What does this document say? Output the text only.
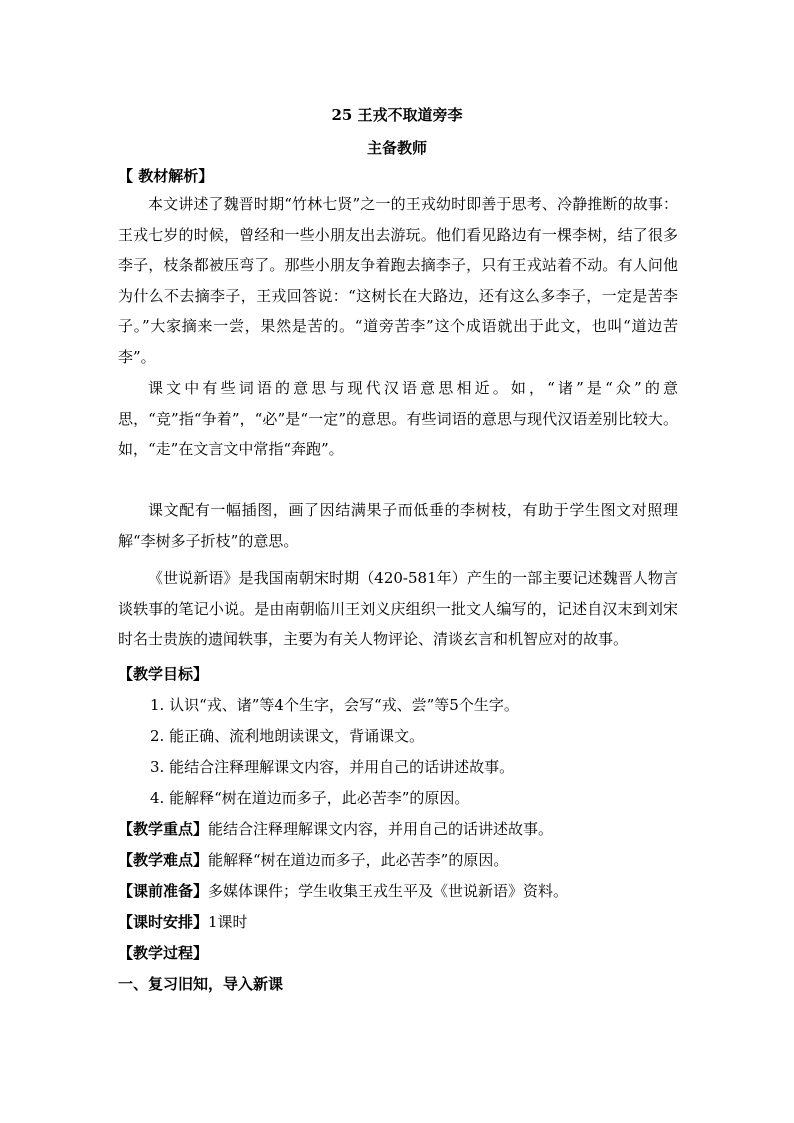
25 王戎不取道旁李
主备教师
【 教材解析】
本文讲述了魏晋时期“竹林七贤”之一的王戎幼时即善于思考、冷静推断的故事：王戎七岁的时候，曾经和一些小朋友出去游玩。他们看见路边有一棵李树，结了很多李子，枝条都被压弯了。那些小朋友争着跑去摘李子，只有王戎站着不动。有人问他为什么不去摘李子，王戎回答说：“这树长在大路边，还有这么多李子，一定是苦李子。”大家摘来一尝，果然是苦的。“道旁苦李”这个成语就出于此文，也叫“道边苦李”。
课文中有些词语的意思与现代汉语意思相近。如，“诸”是“众”的意思，“竞”指“争着”，“必”是“一定”的意思。有些词语的意思与现代汉语差别比较大。如，“走”在文言文中常指“奔跑”。
课文配有一幅插图，画了因结满果子而低垂的李树枝，有助于学生图文对照理解“李树多子折枝”的意思。
《世说新语》是我国南朝宋时期（420-581年）产生的一部主要记述魏晋人物言谈轶事的笔记小说。是由南朝临川王刘义庆组织一批文人编写的，记述自汉末到刘宋时名士贵族的遗闻轶事，主要为有关人物评论、清谈玄言和机智应对的故事。
【教学目标】
1. 认识“戎、诸”等4个生字，会写“戎、尝”等5个生字。
2. 能正确、流利地朗读课文，背诵课文。
3. 能结合注释理解课文内容，并用自己的话讲述故事。
4. 能解释“树在道边而多子，此必苦李”的原因。
【教学重点】能结合注释理解课文内容，并用自己的话讲述故事。
【教学难点】能解释“树在道边而多子，此必苦李”的原因。
【课前准备】多媒体课件；学生收集王戎生平及《世说新语》资料。
【课时安排】1课时
【教学过程】
一、复习旧知，导入新课
